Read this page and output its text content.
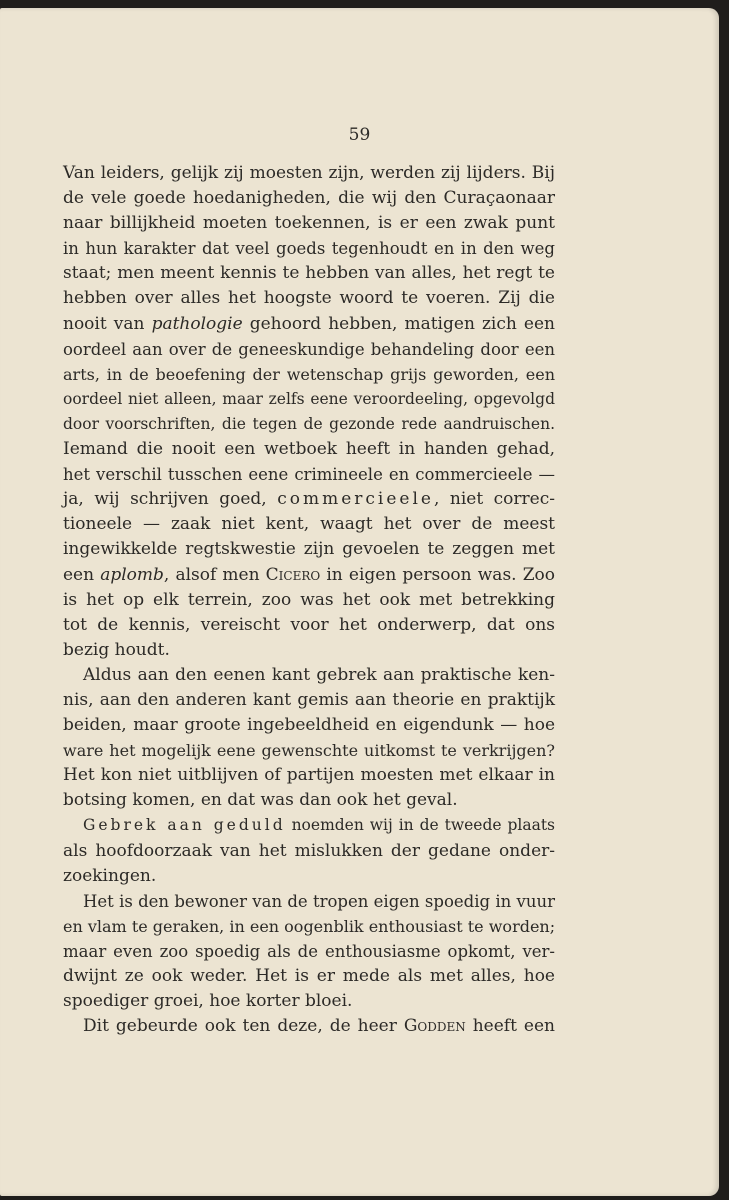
59
Van leiders, gelijk zij moesten zijn, werden zij lijders. Bij
de vele goede hoedanigheden, die wij den Curaçaonaar
naar billijkheid moeten toekennen, is er een zwak punt
in hun karakter dat veel goeds tegenhoudt en in den weg
staat; men meent kennis te hebben van alles, het regt te
hebben over alles het hoogste woord te voeren. Zij die
nooit van pathologie gehoord hebben, matigen zich een
oordeel aan over de geneeskundige behandeling door een
arts, in de beoefening der wetenschap grijs geworden, een
oordeel niet alleen, maar zelfs eene veroordeeling, opgevolgd
door voorschriften, die tegen de gezonde rede aandruischen.
Iemand die nooit een wetboek heeft in handen gehad,
het verschil tusschen eene crimineele en commercieele —
ja, wij schrijven goed, commercieele, niet correc-
tioneele — zaak niet kent, waagt het over de meest
ingewikkelde regtskwestie zijn gevoelen te zeggen met
een aplomb, alsof men Cicero in eigen persoon was. Zoo
is het op elk terrein, zoo was het ook met betrekking
tot de kennis, vereischt voor het onderwerp, dat ons
bezig houdt.
Aldus aan den eenen kant gebrek aan praktische ken-
nis, aan den anderen kant gemis aan theorie en praktijk
beiden, maar groote ingebeeldheid en eigendunk — hoe
ware het mogelijk eene gewenschte uitkomst te verkrijgen?
Het kon niet uitblijven of partijen moesten met elkaar in
botsing komen, en dat was dan ook het geval.
Gebrek aan geduld noemden wij in de tweede plaats
als hoofdoorzaak van het mislukken der gedane onder-
zoekingen.
Het is den bewoner van de tropen eigen spoedig in vuur
en vlam te geraken, in een oogenblik enthousiast te worden;
maar even zoo spoedig als de enthousiasme opkomt, ver-
dwijnt ze ook weder. Het is er mede als met alles, hoe
spoediger groei, hoe korter bloei.
Dit gebeurde ook ten deze, de heer Godden heeft een
